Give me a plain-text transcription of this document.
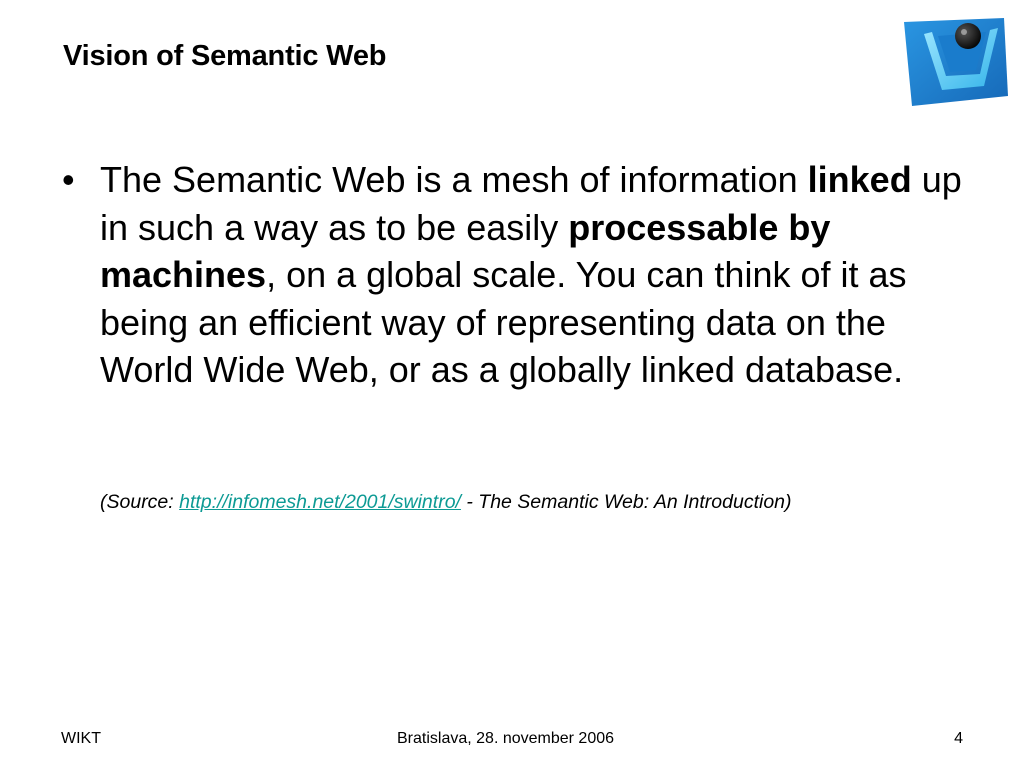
Vision of Semantic Web
• The Semantic Web is a mesh of information linked up in such a way as to be easily processable by machines, on a global scale. You can think of it as being an efficient way of representing data on the World Wide Web, or as a globally linked database.
(Source: http://infomesh.net/2001/swintro/ - The Semantic Web: An Introduction)
WIKT	Bratislava, 28. november 2006	4
